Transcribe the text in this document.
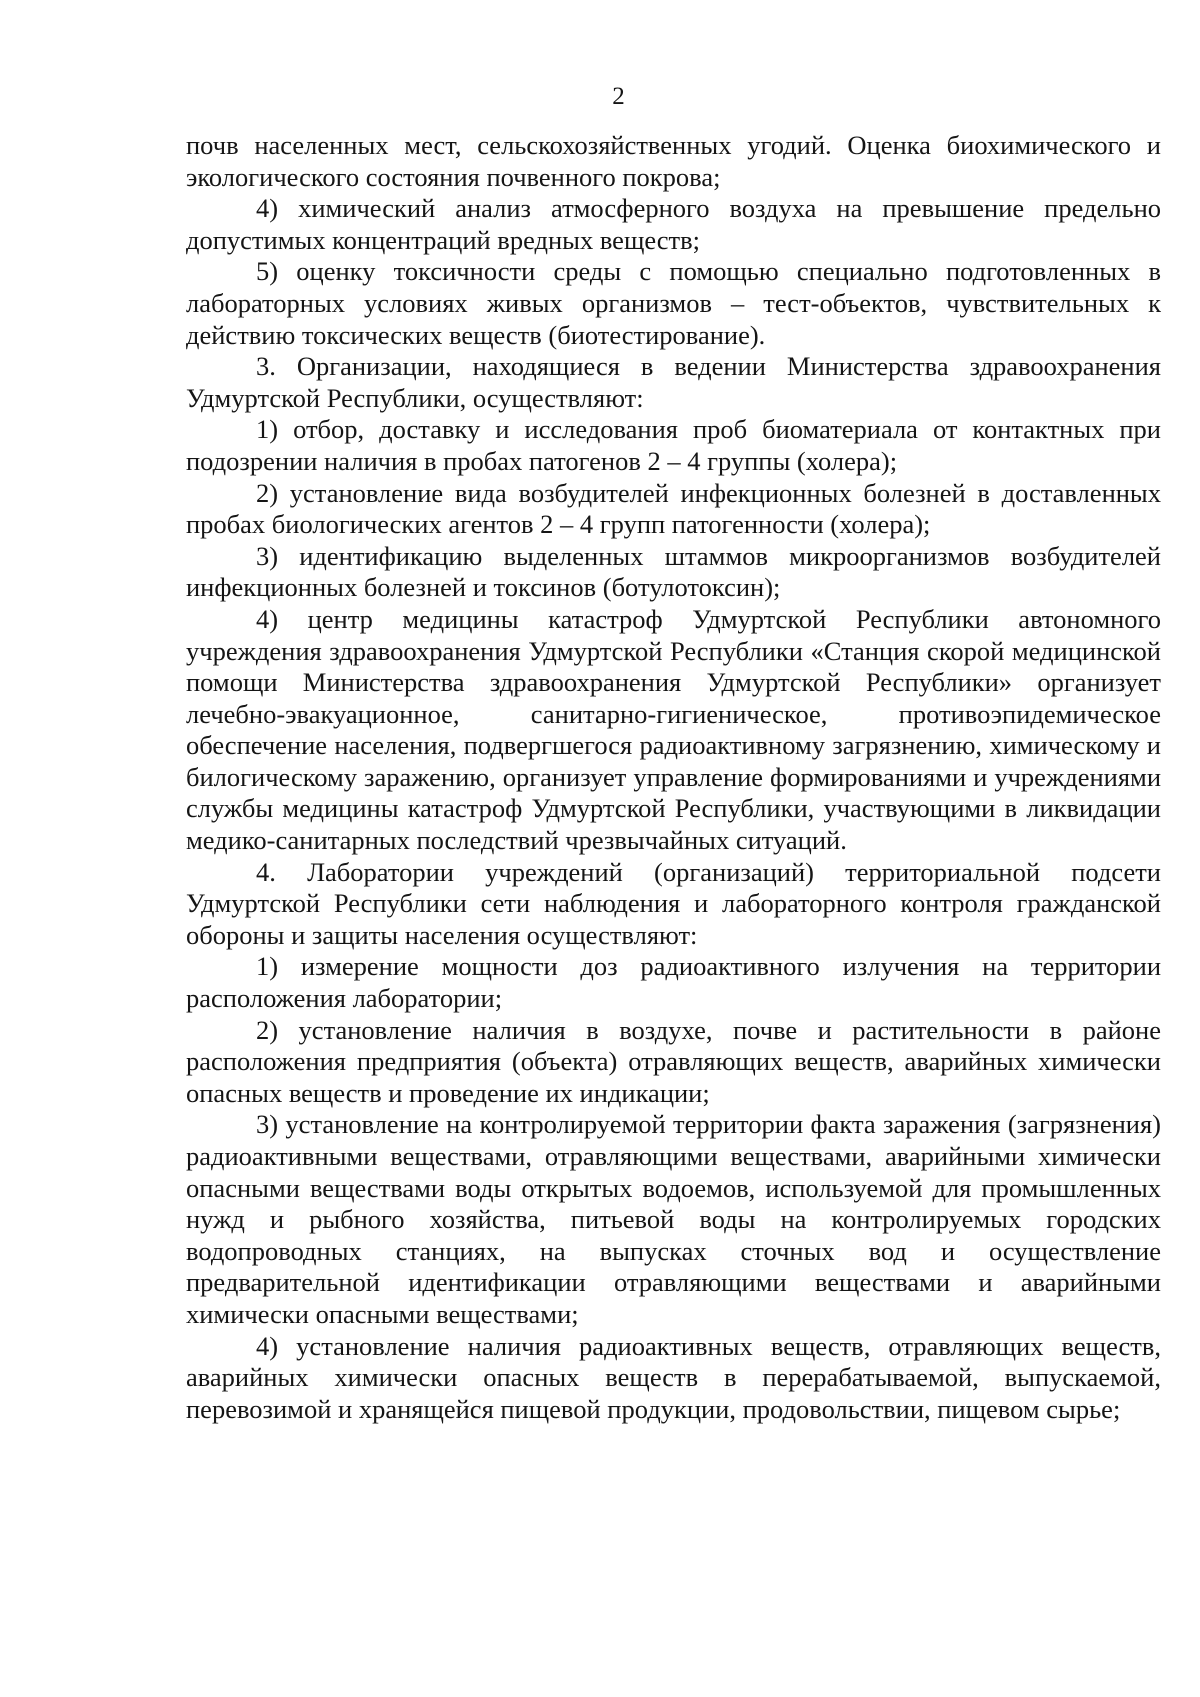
2

почв населенных мест, сельскохозяйственных угодий. Оценка биохимического и экологического состояния почвенного покрова;

4) химический анализ атмосферного воздуха на превышение предельно допустимых концентраций вредных веществ;

5) оценку токсичности среды с помощью специально подготовленных в лабораторных условиях живых организмов – тест-объектов, чувствительных к действию токсических веществ (биотестирование).

3. Организации, находящиеся в ведении Министерства здравоохранения Удмуртской Республики, осуществляют:

1) отбор, доставку и исследования проб биоматериала от контактных при подозрении наличия в пробах патогенов 2 – 4 группы (холера);

2) установление вида возбудителей инфекционных болезней в доставленных пробах биологических агентов 2 – 4 групп патогенности (холера);

3) идентификацию выделенных штаммов микроорганизмов возбудителей инфекционных болезней и токсинов (ботулотоксин);

4) центр медицины катастроф Удмуртской Республики автономного учреждения здравоохранения Удмуртской Республики «Станция скорой медицинской помощи Министерства здравоохранения Удмуртской Республики» организует лечебно-эвакуационное, санитарно-гигиеническое, противоэпидемическое обеспечение населения, подвергшегося радиоактивному загрязнению, химическому и билогическому заражению, организует управление формированиями и учреждениями службы медицины катастроф Удмуртской Республики, участвующими в ликвидации медико-санитарных последствий чрезвычайных ситуаций.

4. Лаборатории учреждений (организаций) территориальной подсети Удмуртской Республики сети наблюдения и лабораторного контроля гражданской обороны и защиты населения осуществляют:

1) измерение мощности доз радиоактивного излучения на территории расположения лаборатории;

2) установление наличия в воздухе, почве и растительности в районе расположения предприятия (объекта) отравляющих веществ, аварийных химически опасных веществ и проведение их индикации;

3) установление на контролируемой территории факта заражения (загрязнения) радиоактивными веществами, отравляющими веществами, аварийными химически опасными веществами воды открытых водоемов, используемой для промышленных нужд и рыбного хозяйства, питьевой воды на контролируемых городских водопроводных станциях, на выпусках сточных вод и осуществление предварительной идентификации отравляющими веществами и аварийными химически опасными веществами;

4) установление наличия радиоактивных веществ, отравляющих веществ, аварийных химически опасных веществ в перерабатываемой, выпускаемой, перевозимой и хранящейся пищевой продукции, продовольствии, пищевом сырье;
